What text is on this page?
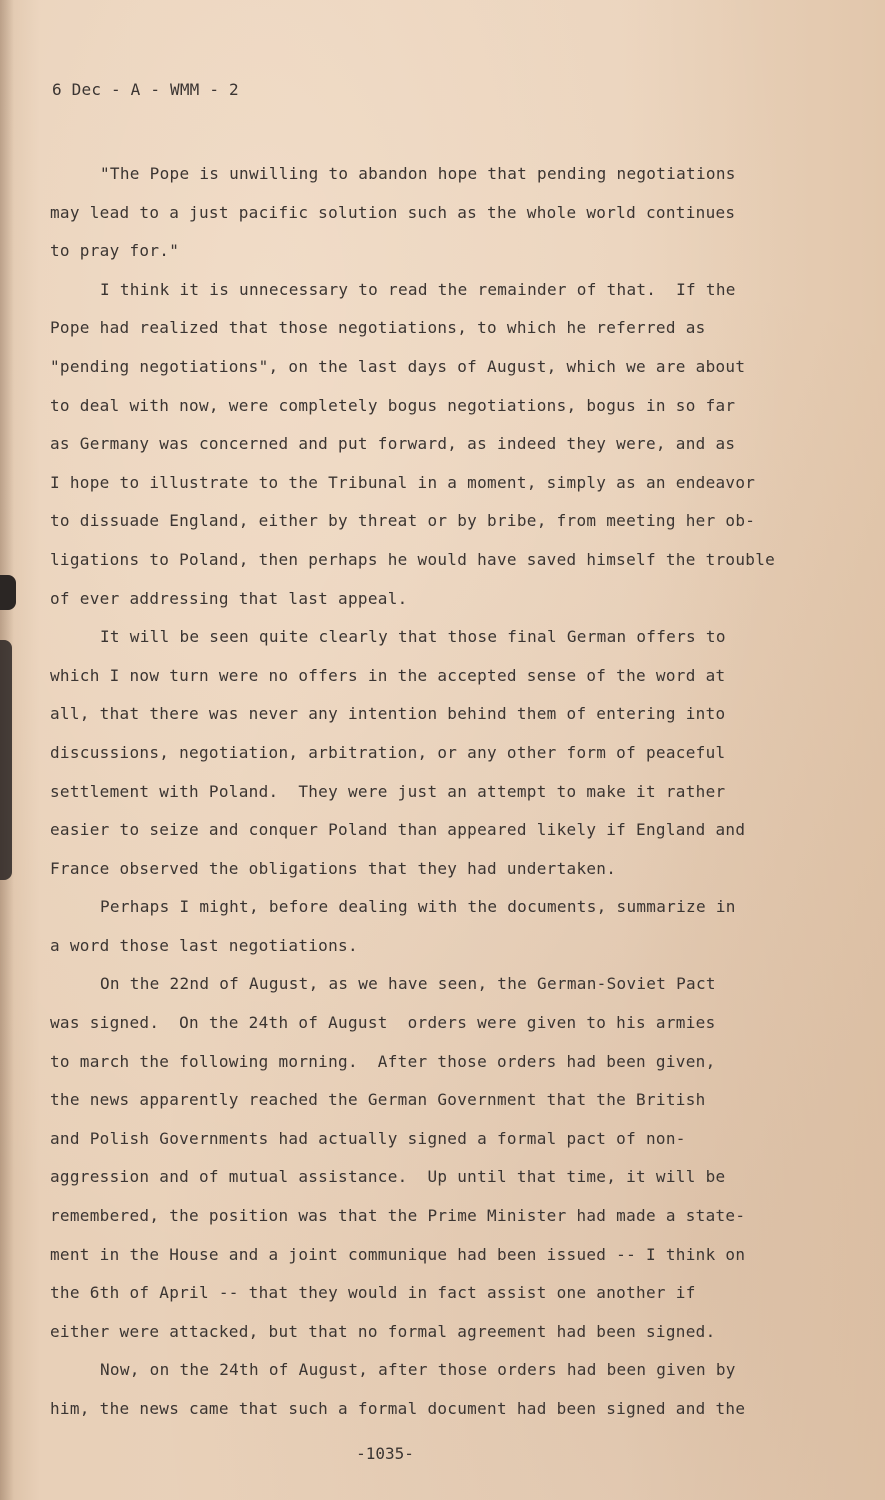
6 Dec - A - WMM - 2
"The Pope is unwilling to abandon hope that pending negotiations
may lead to a just pacific solution such as the whole world continues
to pray for."
I think it is unnecessary to read the remainder of that.  If the
Pope had realized that those negotiations, to which he referred as
"pending negotiations", on the last days of August, which we are about
to deal with now, were completely bogus negotiations, bogus in so far
as Germany was concerned and put forward, as indeed they were, and as
I hope to illustrate to the Tribunal in a moment, simply as an endeavor
to dissuade England, either by threat or by bribe, from meeting her ob-
ligations to Poland, then perhaps he would have saved himself the trouble
of ever addressing that last appeal.
It will be seen quite clearly that those final German offers to
which I now turn were no offers in the accepted sense of the word at
all, that there was never any intention behind them of entering into
discussions, negotiation, arbitration, or any other form of peaceful
settlement with Poland.  They were just an attempt to make it rather
easier to seize and conquer Poland than appeared likely if England and
France observed the obligations that they had undertaken.
Perhaps I might, before dealing with the documents, summarize in
a word those last negotiations.
On the 22nd of August, as we have seen, the German-Soviet Pact
was signed.  On the 24th of August  orders were given to his armies
to march the following morning.  After those orders had been given,
the news apparently reached the German Government that the British
and Polish Governments had actually signed a formal pact of non-
aggression and of mutual assistance.  Up until that time, it will be
remembered, the position was that the Prime Minister had made a state-
ment in the House and a joint communique had been issued -- I think on
the 6th of April -- that they would in fact assist one another if
either were attacked, but that no formal agreement had been signed.
Now, on the 24th of August, after those orders had been given by
him, the news came that such a formal document had been signed and the
-1035-
